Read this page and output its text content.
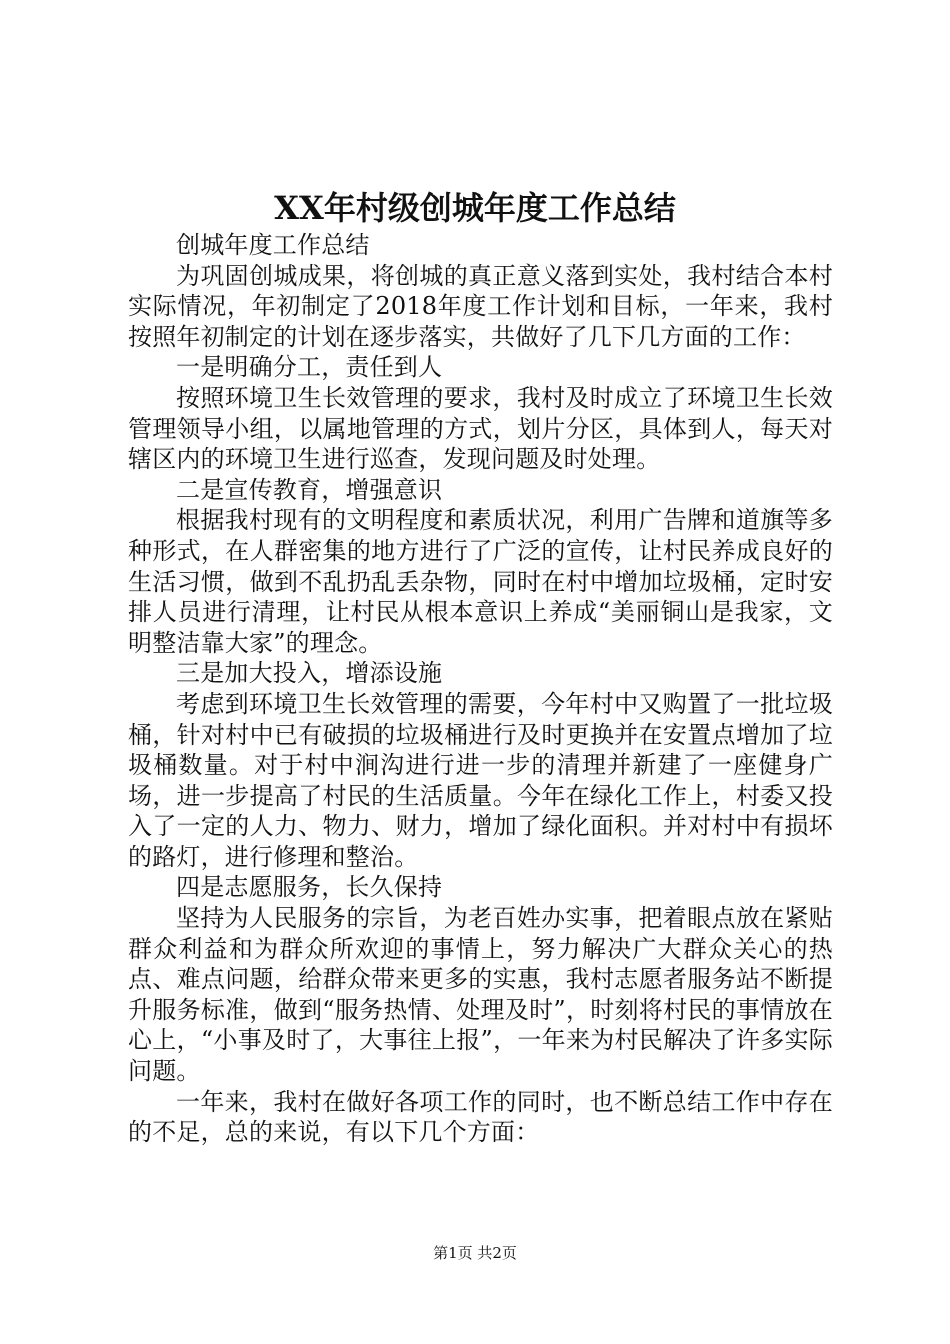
XX年村级创城年度工作总结

创城年度工作总结

为巩固创城成果，将创城的真正意义落到实处，我村结合本村实际情况，年初制定了2018年度工作计划和目标，一年来，我村按照年初制定的计划在逐步落实，共做好了几下几方面的工作：

一是明确分工，责任到人

按照环境卫生长效管理的要求，我村及时成立了环境卫生长效管理领导小组，以属地管理的方式，划片分区，具体到人，每天对辖区内的环境卫生进行巡查，发现问题及时处理。

二是宣传教育，增强意识

根据我村现有的文明程度和素质状况，利用广告牌和道旗等多种形式，在人群密集的地方进行了广泛的宣传，让村民养成良好的生活习惯，做到不乱扔乱丢杂物，同时在村中增加垃圾桶，定时安排人员进行清理，让村民从根本意识上养成“美丽铜山是我家，文明整洁靠大家”的理念。

三是加大投入，增添设施

考虑到环境卫生长效管理的需要，今年村中又购置了一批垃圾桶，针对村中已有破损的垃圾桶进行及时更换并在安置点增加了垃圾桶数量。对于村中涧沟进行进一步的清理并新建了一座健身广场，进一步提高了村民的生活质量。今年在绿化工作上，村委又投入了一定的人力、物力、财力，增加了绿化面积。并对村中有损坏的路灯，进行修理和整治。

四是志愿服务，长久保持

坚持为人民服务的宗旨，为老百姓办实事，把着眼点放在紧贴群众利益和为群众所欢迎的事情上，努力解决广大群众关心的热点、难点问题，给群众带来更多的实惠，我村志愿者服务站不断提升服务标准，做到“服务热情、处理及时”，时刻将村民的事情放在心上，“小事及时了，大事往上报”，一年来为村民解决了许多实际问题。

一年来，我村在做好各项工作的同时，也不断总结工作中存在的不足，总的来说，有以下几个方面：

第1页 共2页
